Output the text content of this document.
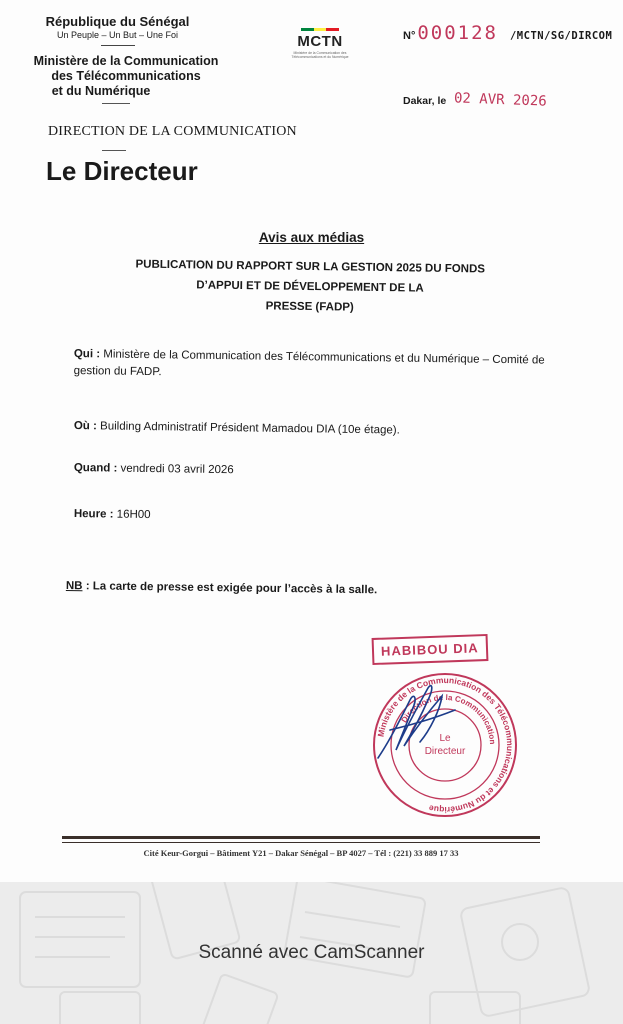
République du Sénégal
Un Peuple – Un But – Une Foi
Ministère de la Communication
des Télécommunications
et du Numérique
MCTN
Ministère de la Communication des Télécommunications et du Numérique
N° 000128 /MCTN/SG/DIRCOM
Dakar, le 02 AVR 2026
DIRECTION DE LA COMMUNICATION
Le Directeur
Avis aux médias
PUBLICATION DU RAPPORT SUR LA GESTION 2025 DU FONDS
D’APPUI ET DE DÉVELOPPEMENT DE LA
PRESSE (FADP)
Qui : Ministère de la Communication des Télécommunications et du Numérique – Comité de gestion du FADP.
Où : Building Administratif Président Mamadou DIA (10e étage).
Quand : vendredi 03 avril 2026
Heure : 16H00
NB : La carte de presse est exigée pour l’accès à la salle.
HABIBOU DIA
Ministère de la Communication des Télécommunications et du Numérique
Direction de la Communication
Le
Directeur
Cité Keur-Gorgui – Bâtiment Y21 – Dakar Sénégal – BP 4027 – Tél : (221) 33 889 17 33
Scanné avec CamScanner
